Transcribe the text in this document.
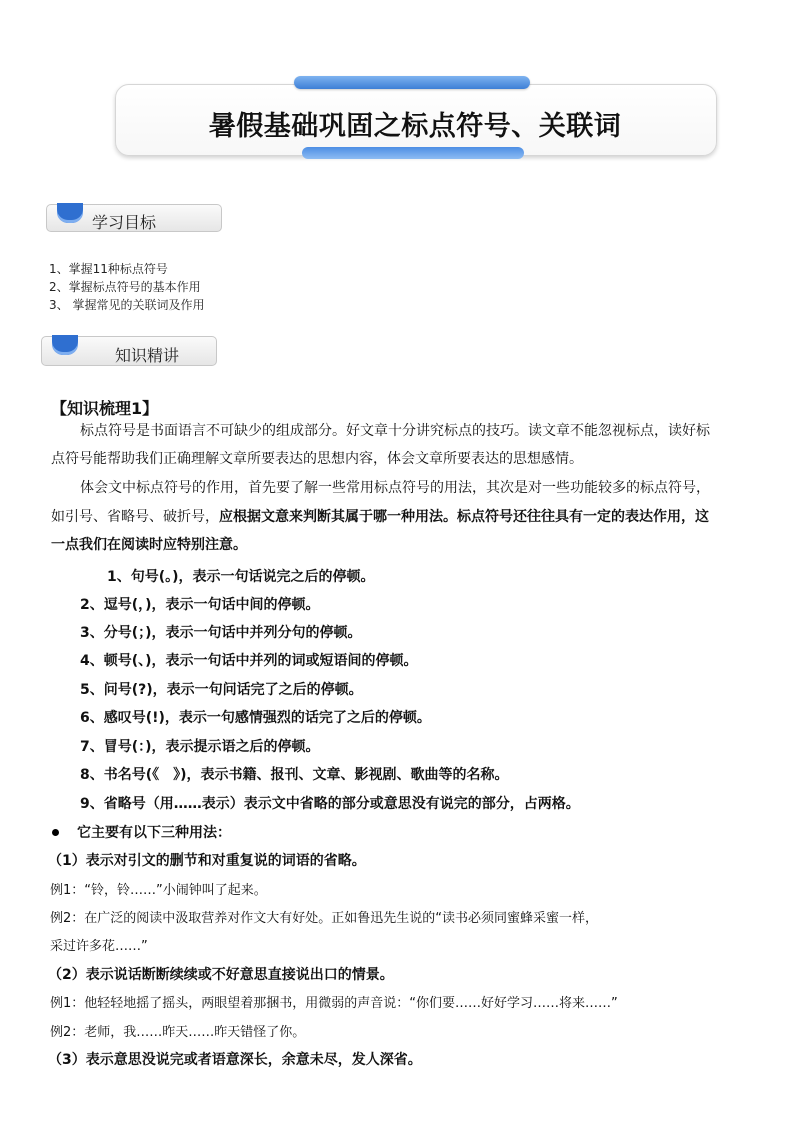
暑假基础巩固之标点符号、关联词
学习目标
1、掌握11种标点符号
2、掌握标点符号的基本作用
3、 掌握常见的关联词及作用
知识精讲
【知识梳理1】
标点符号是书面语言不可缺少的组成部分。好文章十分讲究标点的技巧。读文章不能忽视标点，读好标
点符号能帮助我们正确理解文章所要表达的思想内容，体会文章所要表达的思想感情。
体会文中标点符号的作用，首先要了解一些常用标点符号的用法，其次是对一些功能较多的标点符号，
如引号、省略号、破折号，应根据文意来判断其属于哪一种用法。标点符号还往往具有一定的表达作用，这
一点我们在阅读时应特别注意。
1、句号(。)，表示一句话说完之后的停顿。
2、逗号(，)，表示一句话中间的停顿。
3、分号(；)，表示一句话中并列分句的停顿。
4、顿号(、)，表示一句话中并列的词或短语间的停顿。
5、问号(?)，表示一句问话完了之后的停顿。
6、感叹号(!)，表示一句感情强烈的话完了之后的停顿。
7、冒号(：)，表示提示语之后的停顿。
8、书名号(《　》)，表示书籍、报刊、文章、影视剧、歌曲等的名称。
9、省略号（用……表示）表示文中省略的部分或意思没有说完的部分，占两格。
它主要有以下三种用法：
（1）表示对引文的删节和对重复说的词语的省略。
例1：“铃，铃……”小闹钟叫了起来。
例2：在广泛的阅读中汲取营养对作文大有好处。正如鲁迅先生说的“读书必须同蜜蜂采蜜一样，
采过许多花……”
（2）表示说话断断续续或不好意思直接说出口的情景。
例1：他轻轻地摇了摇头，两眼望着那捆书，用微弱的声音说：“你们要……好好学习……将来……”
例2：老师，我……昨天……昨天错怪了你。
（3）表示意思没说完或者语意深长，余意未尽，发人深省。
